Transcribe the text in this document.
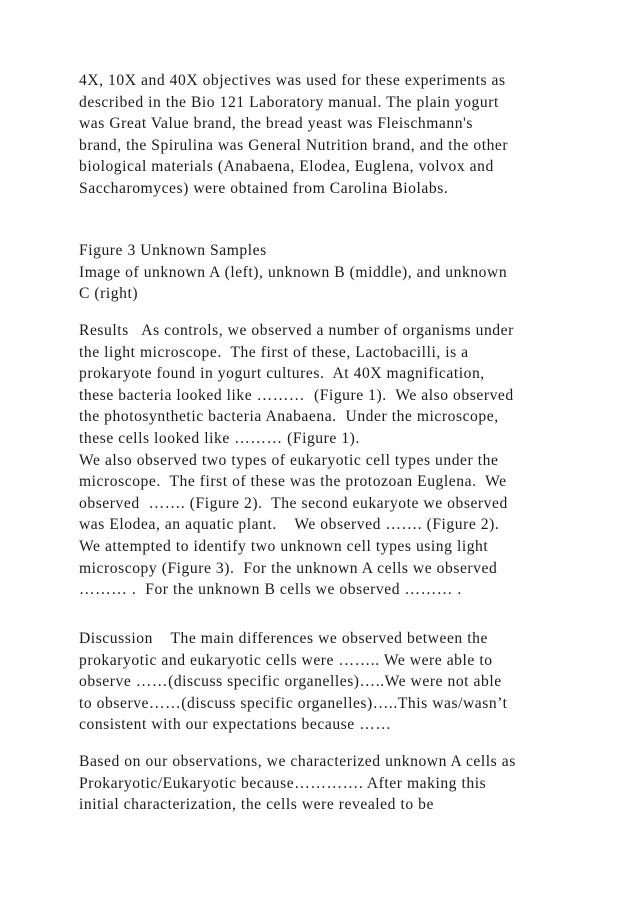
4X, 10X and 40X objectives was used for these experiments as
described in the Bio 121 Laboratory manual. The plain yogurt
was Great Value brand, the bread yeast was Fleischmann's
brand, the Spirulina was General Nutrition brand, and the other
biological materials (Anabaena, Elodea, Euglena, volvox and
Saccharomyces) were obtained from Carolina Biolabs.
Figure 3 Unknown Samples
Image of unknown A (left), unknown B (middle), and unknown
C (right)
Results   As controls, we observed a number of organisms under
the light microscope.  The first of these, Lactobacilli, is a
prokaryote found in yogurt cultures.  At 40X magnification,
these bacteria looked like ………  (Figure 1).  We also observed
the photosynthetic bacteria Anabaena.  Under the microscope,
these cells looked like ……… (Figure 1).
We also observed two types of eukaryotic cell types under the
microscope.  The first of these was the protozoan Euglena.  We
observed  ……. (Figure 2).  The second eukaryote we observed
was Elodea, an aquatic plant.    We observed ……. (Figure 2).
We attempted to identify two unknown cell types using light
microscopy (Figure 3).  For the unknown A cells we observed
……… .  For the unknown B cells we observed ……… .
Discussion    The main differences we observed between the
prokaryotic and eukaryotic cells were …….. We were able to
observe ……(discuss specific organelles)…..We were not able
to observe……(discuss specific organelles)…..This was/wasn’t
consistent with our expectations because ……
Based on our observations, we characterized unknown A cells as
Prokaryotic/Eukaryotic because…………. After making this
initial characterization, the cells were revealed to be
